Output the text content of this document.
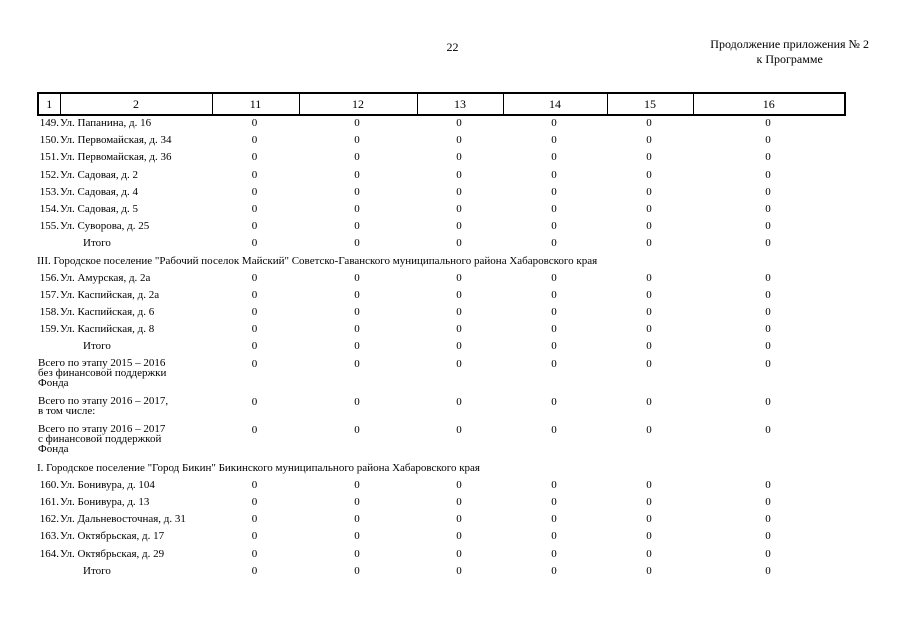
22	Продолжение приложения № 2
к Программе
1	2	11	12	13	14	15	16
149.	Ул. Папанина, д. 16	0	0	0	0	0	0
150.	Ул. Первомайская, д. 34	0	0	0	0	0	0
151.	Ул. Первомайская, д. 36	0	0	0	0	0	0
152.	Ул. Садовая, д. 2	0	0	0	0	0	0
153.	Ул. Садовая, д. 4	0	0	0	0	0	0
154.	Ул. Садовая, д. 5	0	0	0	0	0	0
155.	Ул. Суворова, д. 25	0	0	0	0	0	0
	Итого	0	0	0	0	0	0
III. Городское поселение "Рабочий поселок Майский" Советско-Гаванского муниципального района Хабаровского края							
156.	Ул. Амурская, д. 2а	0	0	0	0	0	0
157.	Ул. Каспийская, д. 2а	0	0	0	0	0	0
158.	Ул. Каспийская, д. 6	0	0	0	0	0	0
159.	Ул. Каспийская, д. 8	0	0	0	0	0	0
	Итого	0	0	0	0	0	0
Всего по этапу 2015 – 2016 без финансовой поддержки Фонда		0	0	0	0	0	0
Всего по этапу 2016 – 2017, в том числе:		0	0	0	0	0	0
Всего по этапу 2016 – 2017 с финансовой поддержкой Фонда		0	0	0	0	0	0
I. Городское поселение "Город Бикин" Бикинского муниципального района Хабаровского края							
160.	Ул. Бонивура, д. 104	0	0	0	0	0	0
161.	Ул. Бонивура, д. 13	0	0	0	0	0	0
162.	Ул. Дальневосточная, д. 31	0	0	0	0	0	0
163.	Ул. Октябрьская, д. 17	0	0	0	0	0	0
164.	Ул. Октябрьская, д. 29	0	0	0	0	0	0
	Итого	0	0	0	0	0	0
